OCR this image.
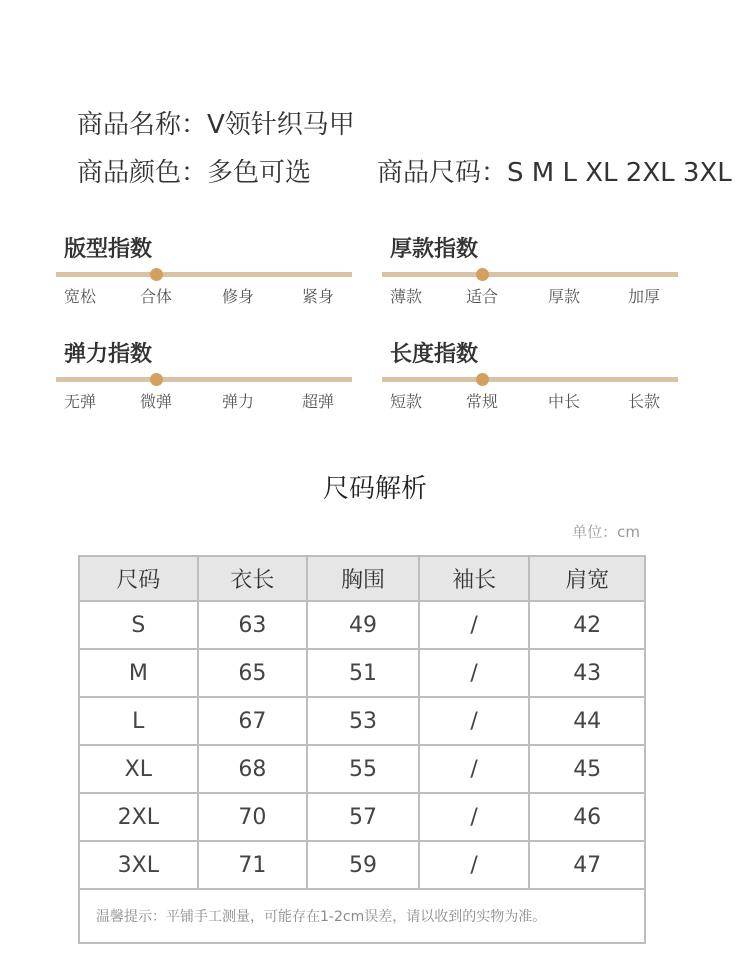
商品名称：V领针织马甲
商品颜色：多色可选	商品尺码：S M L XL 2XL 3XL
版型指数
宽松	合体	修身	紧身
厚款指数
薄款	适合	厚款	加厚
弹力指数
无弹	微弹	弹力	超弹
长度指数
短款	常规	中长	长款
尺码解析
单位：cm
尺码	衣长	胸围	袖长	肩宽
S	63	49	/	42
M	65	51	/	43
L	67	53	/	44
XL	68	55	/	45
2XL	70	57	/	46
3XL	71	59	/	47
温馨提示：平铺手工测量，可能存在1-2cm误差，请以收到的实物为准。				
